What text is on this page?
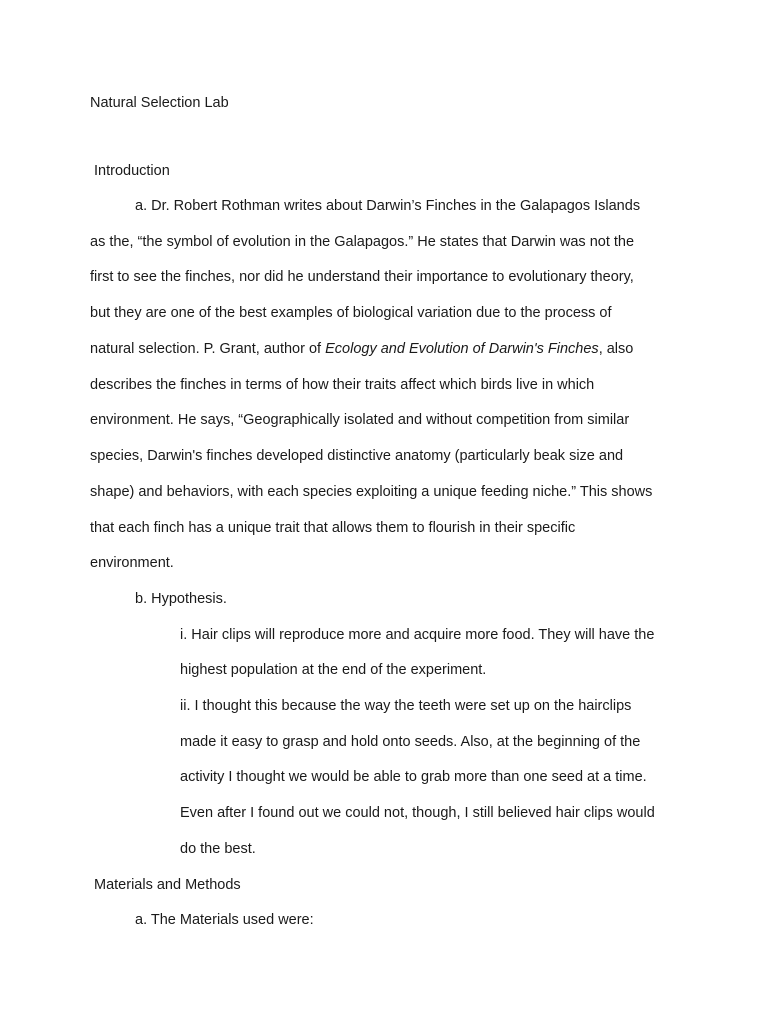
Natural Selection Lab
Introduction
a. Dr. Robert Rothman writes about Darwin’s Finches in the Galapagos Islands
as the, “the symbol of evolution in the Galapagos.” He states that Darwin was not the
first to see the finches, nor did he understand their importance to evolutionary theory,
but they are one of the best examples of biological variation due to the process of
natural selection. P. Grant, author of Ecology and Evolution of Darwin's Finches, also
describes the finches in terms of how their traits affect which birds live in which
environment. He says, “Geographically isolated and without competition from similar
species, Darwin's finches developed distinctive anatomy (particularly beak size and
shape) and behaviors, with each species exploiting a unique feeding niche.” This shows
that each finch has a unique trait that allows them to flourish in their specific
environment.
b. Hypothesis.
i. Hair clips will reproduce more and acquire more food. They will have the
highest population at the end of the experiment.
ii. I thought this because the way the teeth were set up on the hairclips
made it easy to grasp and hold onto seeds. Also, at the beginning of the
activity I thought we would be able to grab more than one seed at a time.
Even after I found out we could not, though, I still believed hair clips would
do the best.
Materials and Methods
a. The Materials used were:
